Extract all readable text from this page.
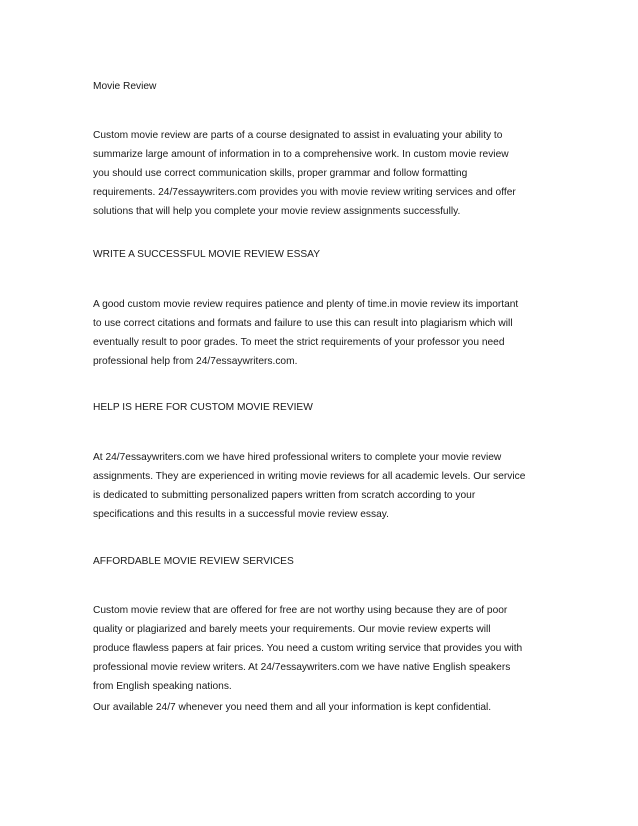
Movie Review
Custom movie review are parts of a course designated to assist in evaluating your ability to
summarize large amount of information in to a comprehensive work. In custom movie review
you should use correct communication skills, proper grammar and follow formatting
requirements. 24/7essaywriters.com provides you with movie review writing services and offer
solutions that will help you complete your movie review assignments successfully.
WRITE A SUCCESSFUL MOVIE REVIEW ESSAY
A good custom movie review requires patience and plenty of time.in movie review its important
to use correct citations and formats and failure to use this can result into plagiarism which will
eventually result to poor grades. To meet the strict requirements of your professor you need
professional help from 24/7essaywriters.com.
HELP IS HERE FOR CUSTOM MOVIE REVIEW
At 24/7essaywriters.com we have hired professional writers to complete your movie review
assignments. They are experienced in writing movie reviews for all academic levels. Our service
is dedicated to submitting personalized papers written from scratch according to your
specifications and this results in a successful movie review essay.
AFFORDABLE MOVIE REVIEW SERVICES
Custom movie review that are offered for free are not worthy using because they are of poor
quality or plagiarized and barely meets your requirements. Our movie review experts will
produce flawless papers at fair prices. You need a custom writing service that provides you with
professional movie review writers. At 24/7essaywriters.com we have native English speakers
from English speaking nations.
Our available 24/7 whenever you need them and all your information is kept confidential.
